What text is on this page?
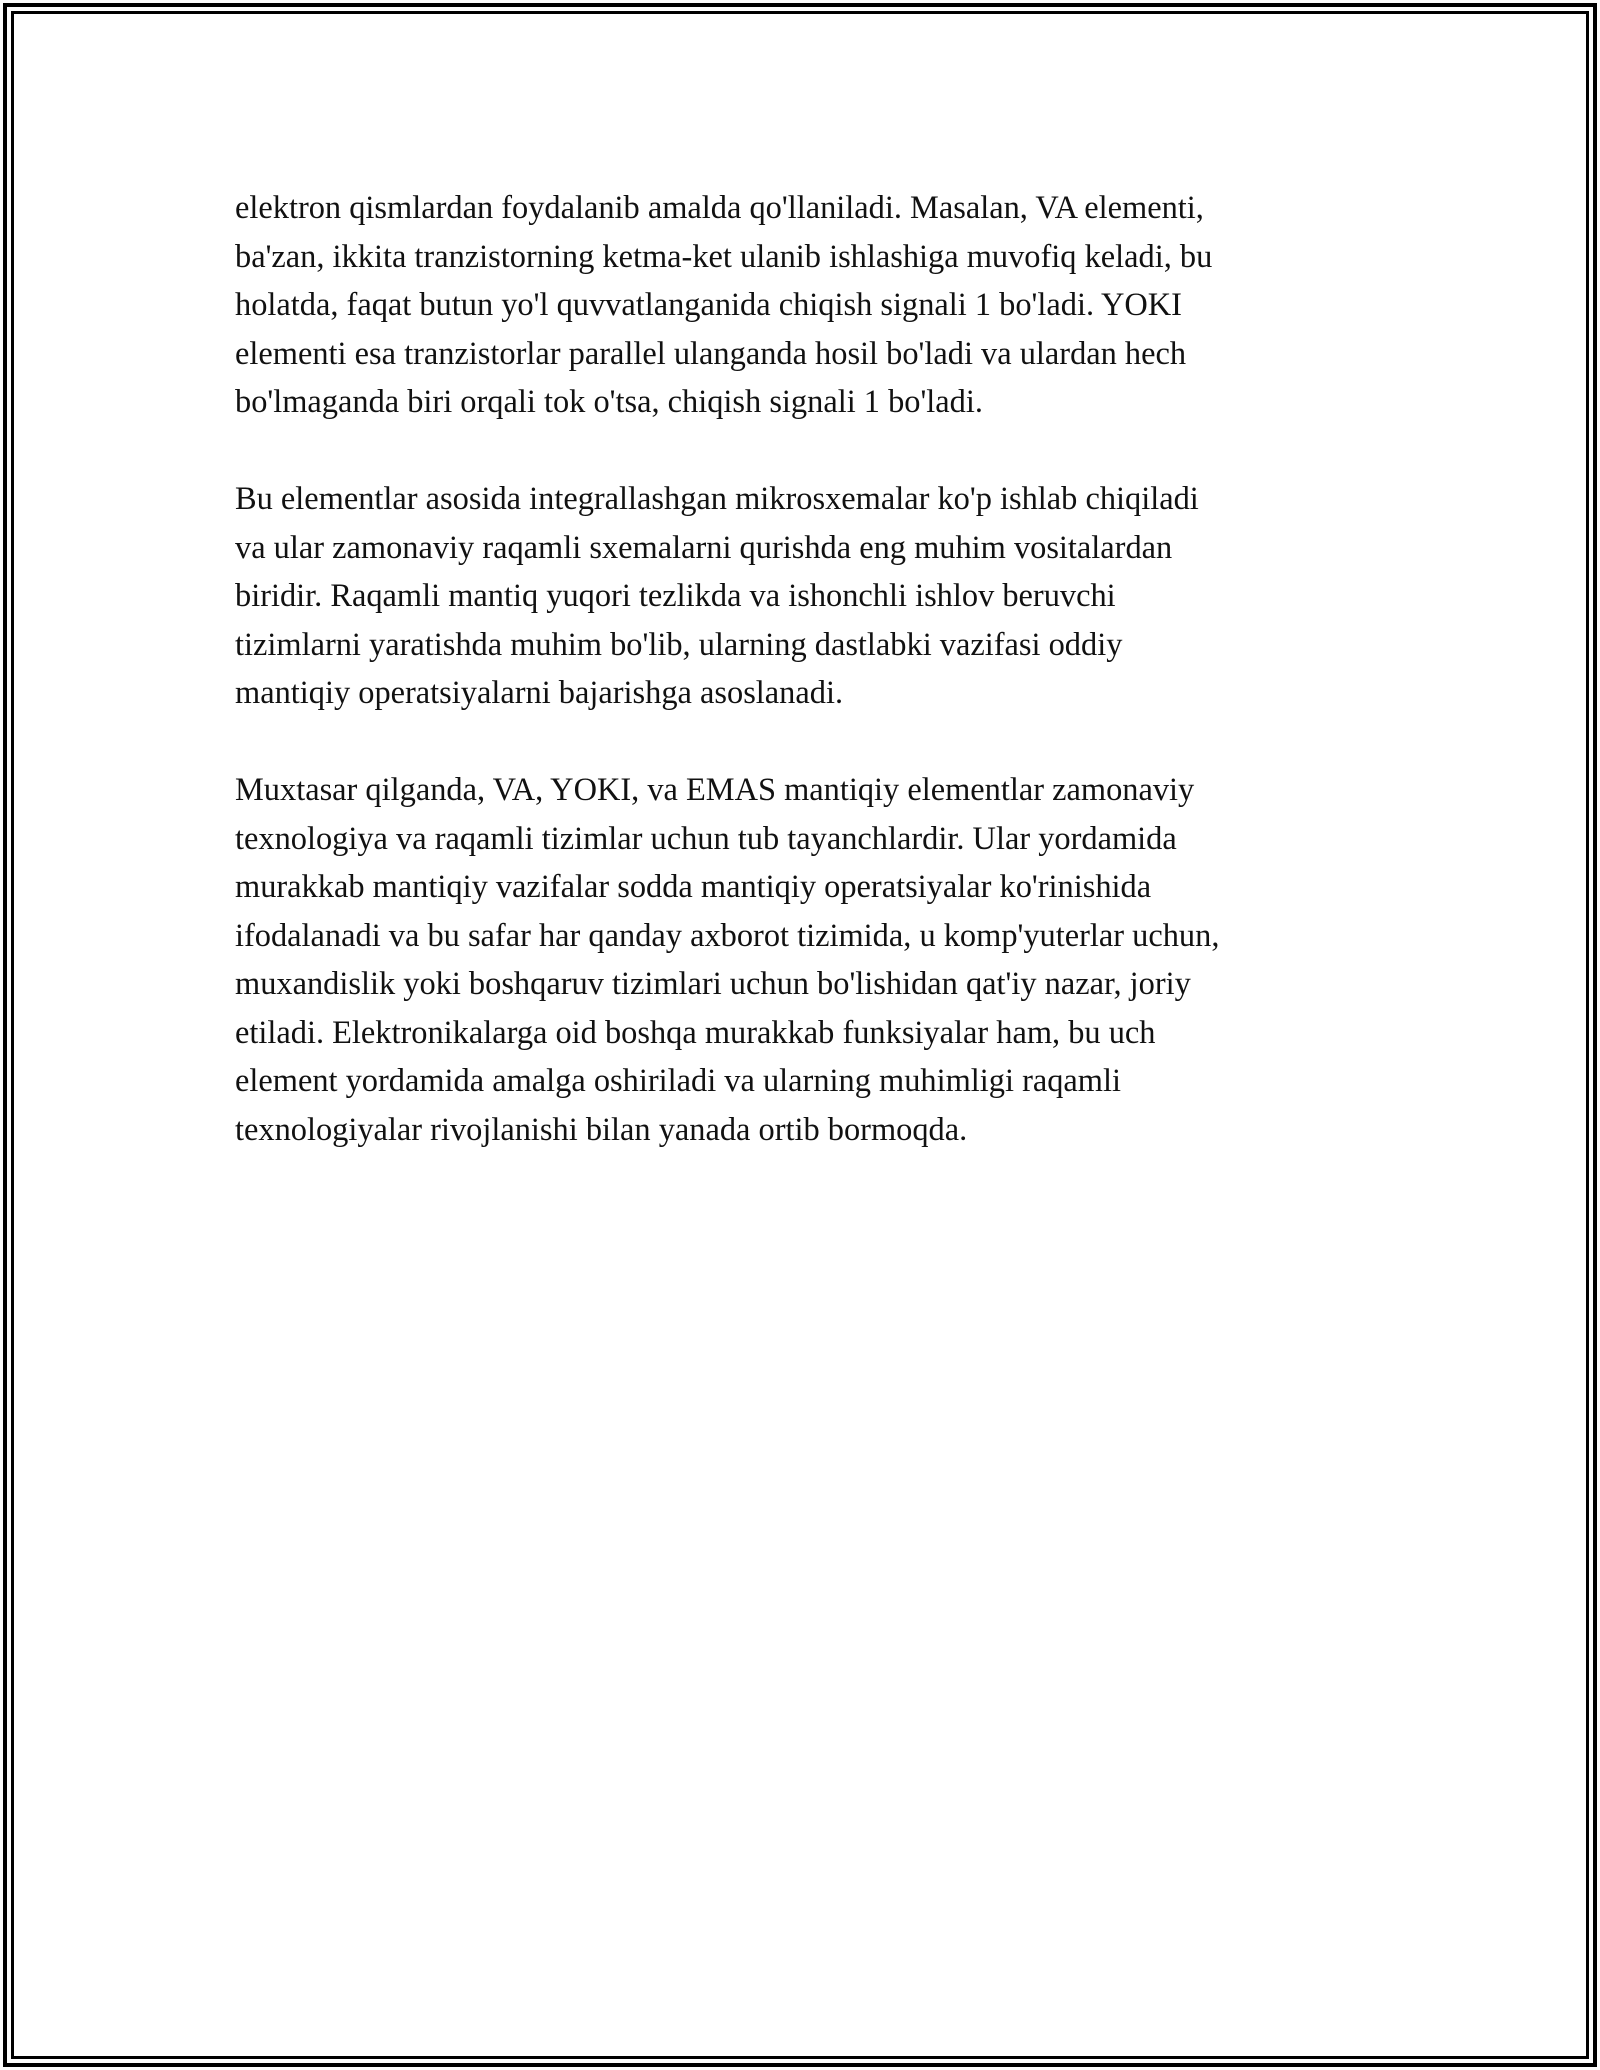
elektron qismlardan foydalanib amalda qo'llaniladi. Masalan, VA elementi,
ba'zan, ikkita tranzistorning ketma-ket ulanib ishlashiga muvofiq keladi, bu
holatda, faqat butun yo'l quvvatlanganida chiqish signali 1 bo'ladi. YOKI
elementi esa tranzistorlar parallel ulanganda hosil bo'ladi va ulardan hech
bo'lmaganda biri orqali tok o'tsa, chiqish signali 1 bo'ladi.

Bu elementlar asosida integrallashgan mikrosxemalar ko'p ishlab chiqiladi
va ular zamonaviy raqamli sxemalarni qurishda eng muhim vositalardan
biridir. Raqamli mantiq yuqori tezlikda va ishonchli ishlov beruvchi
tizimlarni yaratishda muhim bo'lib, ularning dastlabki vazifasi oddiy
mantiqiy operatsiyalarni bajarishga asoslanadi.

Muxtasar qilganda, VA, YOKI, va EMAS mantiqiy elementlar zamonaviy
texnologiya va raqamli tizimlar uchun tub tayanchlardir. Ular yordamida
murakkab mantiqiy vazifalar sodda mantiqiy operatsiyalar ko'rinishida
ifodalanadi va bu safar har qanday axborot tizimida, u komp'yuterlar uchun,
muxandislik yoki boshqaruv tizimlari uchun bo'lishidan qat'iy nazar, joriy
etiladi. Elektronikalarga oid boshqa murakkab funksiyalar ham, bu uch
element yordamida amalga oshiriladi va ularning muhimligi raqamli
texnologiyalar rivojlanishi bilan yanada ortib bormoqda.
